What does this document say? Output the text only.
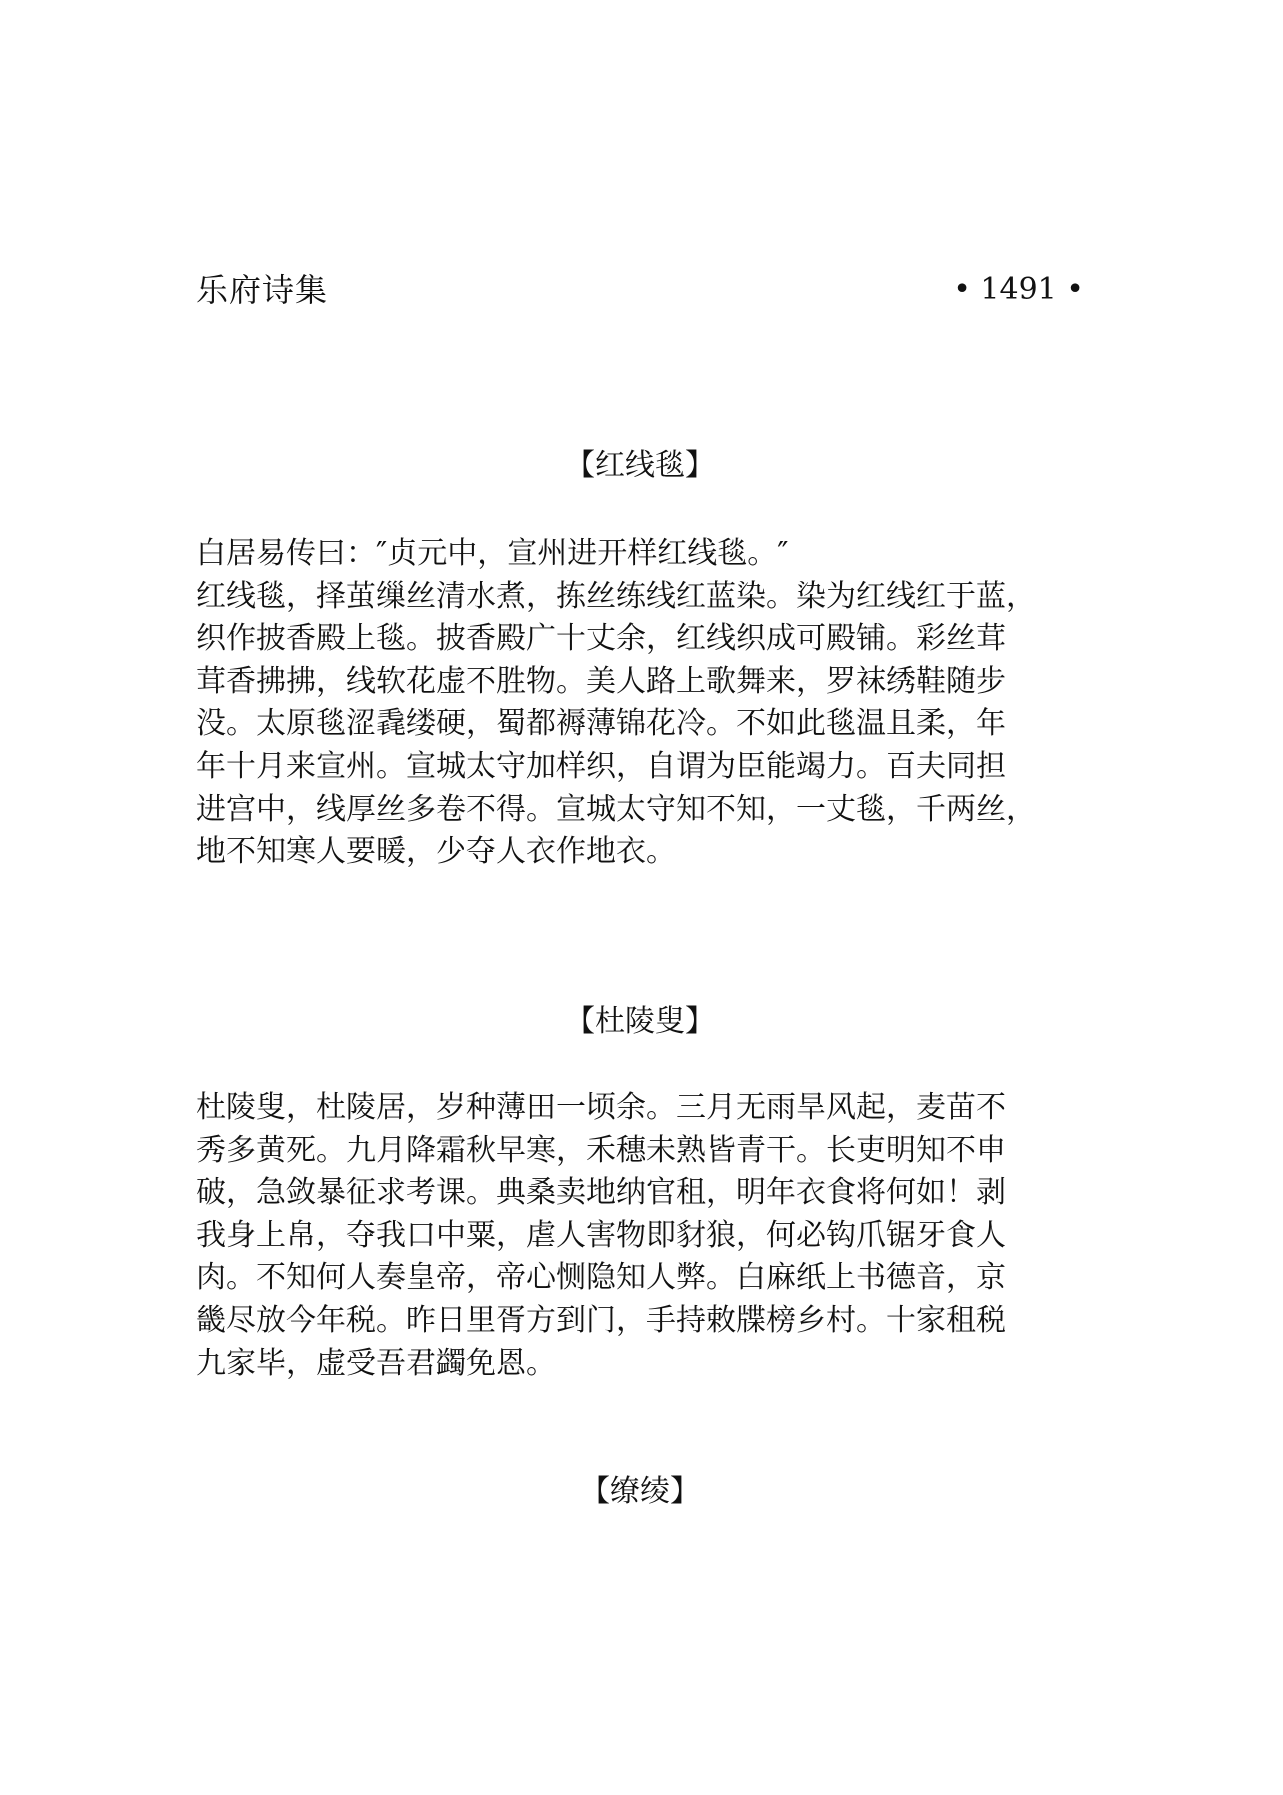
乐府诗集	• 1491 •
【红线毯】
白居易传曰：″贞元中，宣州进开样红线毯。″
红线毯，择茧缫丝清水煮，拣丝练线红蓝染。染为红线红于蓝，
织作披香殿上毯。披香殿广十丈余，红线织成可殿铺。彩丝茸
茸香拂拂，线软花虚不胜物。美人路上歌舞来，罗袜绣鞋随步
没。太原毯涩毳缕硬，蜀都褥薄锦花冷。不如此毯温且柔，年
年十月来宣州。宣城太守加样织，自谓为臣能竭力。百夫同担
进宫中，线厚丝多卷不得。宣城太守知不知，一丈毯，千两丝，
地不知寒人要暖，少夺人衣作地衣。
【杜陵叟】
杜陵叟，杜陵居，岁种薄田一顷余。三月无雨旱风起，麦苗不
秀多黄死。九月降霜秋早寒，禾穗未熟皆青干。长吏明知不申
破，急敛暴征求考课。典桑卖地纳官租，明年衣食将何如！剥
我身上帛，夺我口中粟，虐人害物即豺狼，何必钩爪锯牙食人
肉。不知何人奏皇帝，帝心恻隐知人弊。白麻纸上书德音，京
畿尽放今年税。昨日里胥方到门，手持敕牒榜乡村。十家租税
九家毕，虚受吾君蠲免恩。
【缭绫】
